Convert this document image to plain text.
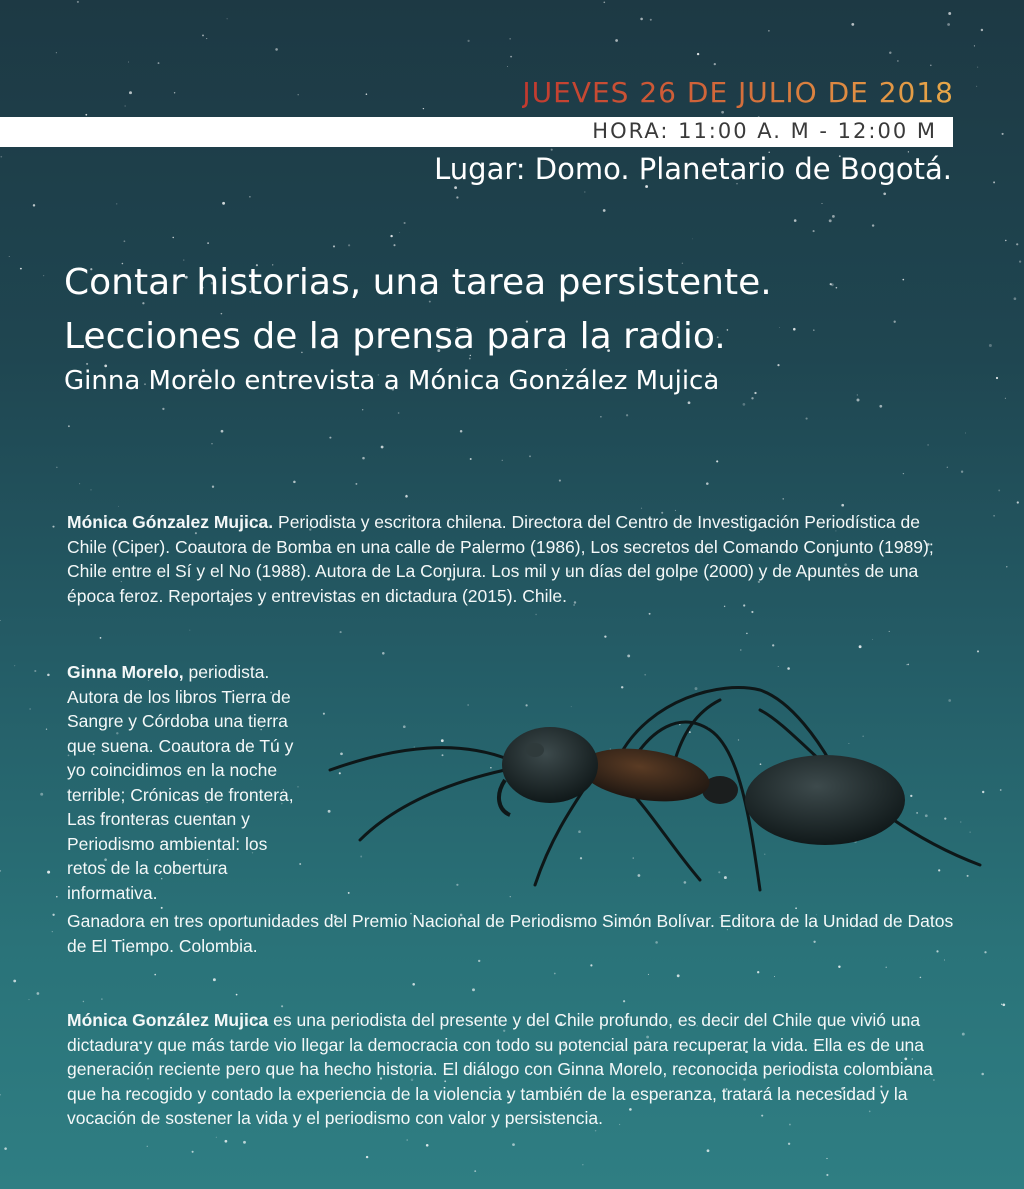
JUEVES 26 DE JULIO DE 2018
HORA: 11:00 A. M - 12:00 M
Lugar: Domo. Planetario de Bogotá.
Contar historias, una tarea persistente.
Lecciones de la prensa para la radio.
Ginna Morelo entrevista a Mónica González Mujica
Mónica Gónzalez Mujica. Periodista y escritora chilena. Directora del Centro de Investigación Periodística de Chile (Ciper). Coautora de Bomba en una calle de Palermo (1986), Los secretos del Comando Conjunto (1989); Chile entre el Sí y el No (1988). Autora de La Conjura. Los mil y un días del golpe (2000) y de Apuntes de una época feroz. Reportajes y entrevistas en dictadura (2015). Chile.
Ginna Morelo, periodista. Autora de los libros Tierra de Sangre y Córdoba una tierra que suena. Coautora de Tú y yo coincidimos en la noche terrible; Crónicas de frontera, Las fronteras cuentan y Periodismo ambiental: los retos de la cobertura informativa.
Ganadora en tres oportunidades del Premio Nacional de Periodismo Simón Bolívar. Editora de la Unidad de Datos de El Tiempo. Colombia.
Mónica González Mujica es una periodista del presente y del Chile profundo, es decir del Chile que vivió una dictadura y que más tarde vio llegar la democracia con todo su potencial para recuperar la vida. Ella es de una generación reciente pero que ha hecho historia. El diálogo con Ginna Morelo, reconocida periodista colombiana que ha recogido y contado la experiencia de la violencia y también de la esperanza, tratará la necesidad y la vocación de sostener la vida y el periodismo con valor y persistencia.
